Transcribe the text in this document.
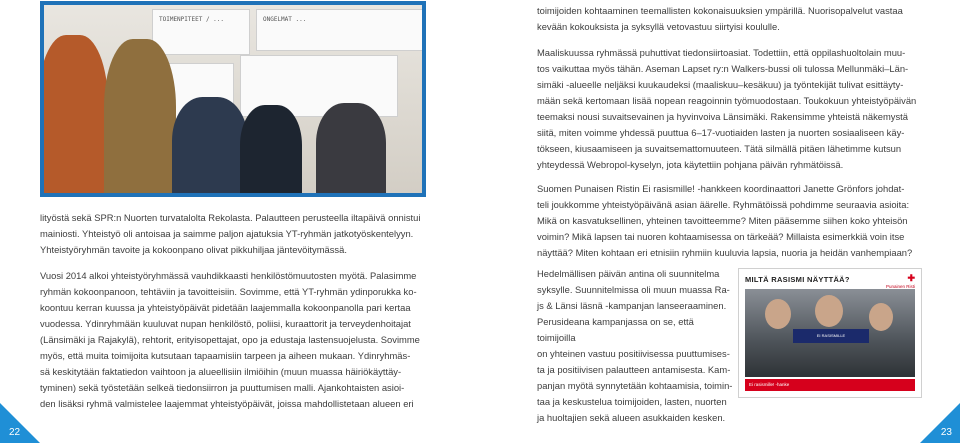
TOIMENPITEET / ...	ONGELMAT ...
toimijoiden kohtaaminen teemallisten kokonaisuuksien ympärillä. Nuorisopalvelut vastaa
kevään kokouksista ja syksyllä vetovastuu siirtyisi koululle.
Maaliskuussa ryhmässä puhuttivat tiedonsiirtoasiat. Todettiin, että oppilashuoltolain muu-
tos vaikuttaa myös tähän. Aseman Lapset ry:n Walkers-bussi oli tulossa Mellunmäki–Län-
simäki -alueelle neljäksi kuukaudeksi (maaliskuu–kesäkuu) ja työntekijät tulivat esittäyty-
mään sekä kertomaan lisää nopean reagoinnin työmuodostaan. Toukokuun yhteistyöpäivän
teemaksi nousi suvaitsevainen ja hyvinvoiva Länsimäki. Rakensimme yhteistä näkemystä
siitä, miten voimme yhdessä puuttua 6–17-vuotiaiden lasten ja nuorten sosiaaliseen käy-
tökseen, kiusaamiseen ja suvaitsemattomuuteen. Tätä silmällä pitäen lähetimme kutsun
yhteydessä Webropol-kyselyn, jota käytettiin pohjana päivän ryhmätöissä.
Suomen Punaisen Ristin Ei rasismille! -hankkeen koordinaattori Janette Grönfors johdat-
teli joukkomme yhteistyöpäivänä asian äärelle. Ryhmätöissä pohdimme seuraavia asioita:
Mikä on kasvatuksellinen, yhteinen tavoitteemme? Miten pääsemme siihen koko yhteisön
voimin? Mikä lapsen tai nuoren kohtaamisessa on tärkeää? Millaista esimerkkiä voin itse
näyttää? Miten kohtaan eri etnisiin ryhmiin kuuluvia lapsia, nuoria ja heidän vanhempiaan?
Hedelmällisen päivän antina oli suunnitelma
syksylle. Suunnitelmissa oli muun muassa Ra-
js & Länsi läsnä -kampanjan lanseeraaminen.
Perusideana kampanjassa on se, että toimijoilla
on yhteinen vastuu positiivisessa puuttumises-
ta ja positiivisen palautteen antamisesta. Kam-
panjan myötä synnytetään kohtaamisia, toimin-
taa ja keskustelua toimijoiden, lasten, nuorten
ja huoltajien sekä alueen asukkaiden kesken.
lityöstä sekä SPR:n Nuorten turvatalolta Rekolasta. Palautteen perusteella iltapäivä onnistui
mainiosti. Yhteistyö oli antoisaa ja saimme paljon ajatuksia YT-ryhmän jatkotyöskentelyyn.
Yhteistyöryhmän tavoite ja kokoonpano olivat pikkuhiljaa jäntevöitymässä.
Vuosi 2014 alkoi yhteistyöryhmässä vauhdikkaasti henkilöstömuutosten myötä. Palasimme
ryhmän kokoonpanoon, tehtäviin ja tavoitteisiin. Sovimme, että YT-ryhmän ydinporukka ko-
koontuu kerran kuussa ja yhteistyöpäivät pidetään laajemmalla kokoonpanolla pari kertaa
vuodessa. Ydinryhmään kuuluvat nupan henkilöstö, poliisi, kuraattorit ja terveydenhoitajat
(Länsimäki ja Rajakylä), rehtorit, erityisopettajat, opo ja edustaja lastensuojelusta. Sovimme
myös, että muita toimijoita kutsutaan tapaamisiin tarpeen ja aiheen mukaan. Ydinryhmäs-
sä keskitytään faktatiedon vaihtoon ja alueellisiin ilmiöihin (muun muassa häiriökäyttäy-
tyminen) sekä työstetään selkeä tiedonsiirron ja puuttumisen malli. Ajankohtaisten asioi-
den lisäksi ryhmä valmistelee laajemmat yhteistyöpäivät, joissa mahdollistetaan alueen eri
MILTÄ RASISMI NÄYTTÄÄ?	✚
Punainen Risti
EI RASISMILLE
Ei rasismille! -hanke
22	23
